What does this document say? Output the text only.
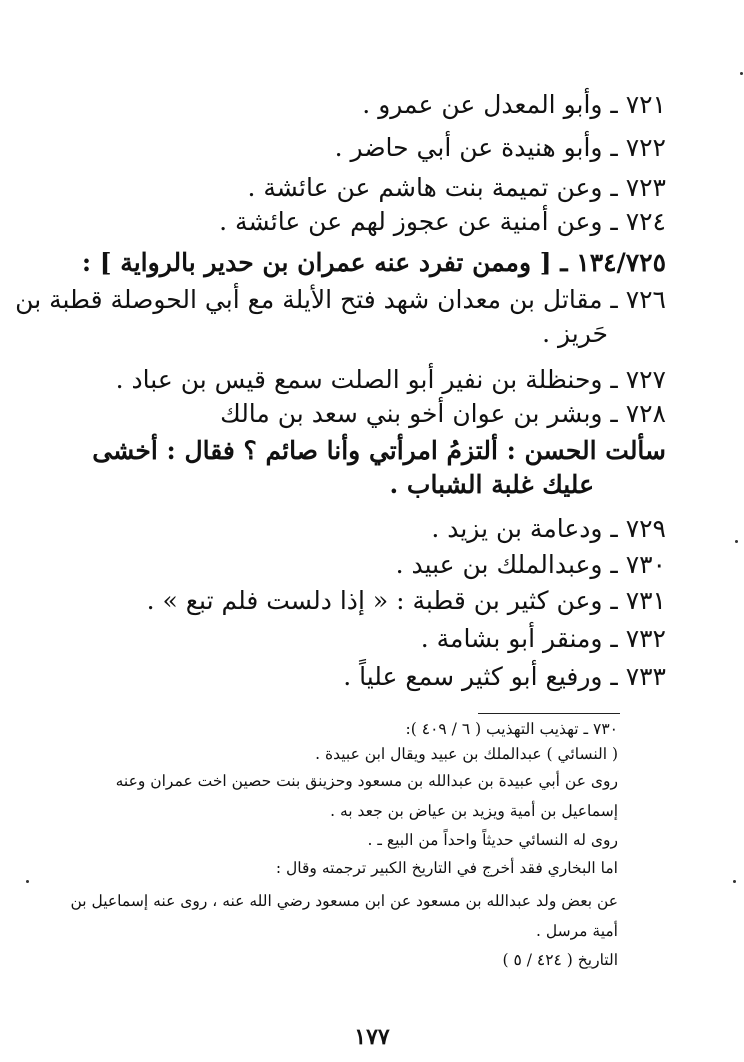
٧٢١ ـ وأبو المعدل عن عمرو .
٧٢٢ ـ وأبو هنيدة عن أبي حاضر .
٧٢٣ ـ وعن تميمة بنت هاشم عن عائشة .
٧٢٤ ـ وعن أمنية عن عجوز لهم عن عائشة .
١٣٤/٧٢٥ ـ [ وممن تفرد عنه عمران بن حدير بالرواية ] :
٧٢٦ ـ مقاتل بن معدان شهد فتح الأيلة مع أبي الحوصلة قطبة بن
حَريز .
٧٢٧ ـ وحنظلة بن نفير أبو الصلت سمع قيس بن عباد .
٧٢٨ ـ وبشر بن عوان أخو بني سعد بن مالك
سألت الحسن : ألتزمُ امرأتي وأنا صائم ؟ فقال : أخشى
عليك غلبة الشباب .
٧٢٩ ـ ودعامة بن يزيد .
٧٣٠ ـ وعبدالملك بن عبيد .
٧٣١ ـ وعن كثير بن قطبة : « إذا دلست فلم تبع » .
٧٣٢ ـ ومنقر أبو بشامة .
٧٣٣ ـ ورفيع أبو كثير سمع علياً .
٧٣٠ ـ تهذيب التهذيب ( ٦ / ٤٠٩ ):
( النسائي ) عبدالملك بن عبيد ويقال ابن عبيدة .
روى عن أبي عبيدة بن عبدالله بن مسعود وحزينق بنت حصين اخت عمران وعنه
إسماعيل بن أمية ويزيد بن عياض بن جعد به .
روى له النسائي حديثاً واحداً من البيع ـ .
اما البخاري فقد أخرج في التاريخ الكبير ترجمته وقال :
عن بعض ولد عبدالله بن مسعود عن ابن مسعود رضي الله عنه ، روى عنه إسماعيل بن
أمية مرسل .
التاريخ ( ٤٢٤ / ٥ )
١٧٧
